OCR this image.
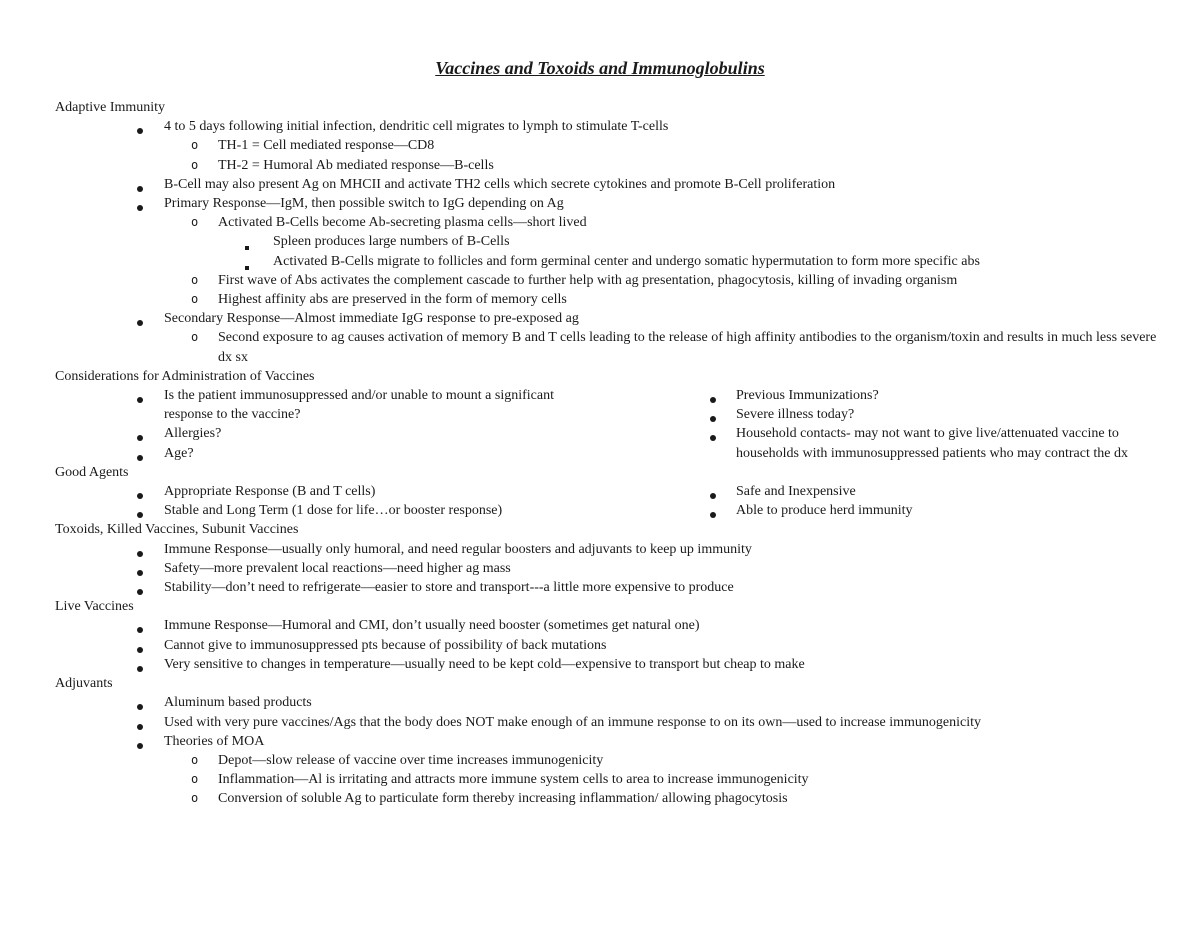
Vaccines and Toxoids and Immunoglobulins
Adaptive Immunity
4 to 5 days following initial infection, dendritic cell migrates to lymph to stimulate T-cells
o TH-1 = Cell mediated response—CD8
o TH-2 = Humoral Ab mediated response—B-cells
B-Cell may also present Ag on MHCII and activate TH2 cells which secrete cytokines and promote B-Cell proliferation
Primary Response—IgM, then possible switch to IgG depending on Ag
o Activated B-Cells become Ab-secreting plasma cells—short lived
Spleen produces large numbers of B-Cells
Activated B-Cells migrate to follicles and form germinal center and undergo somatic hypermutation to form more specific abs
o First wave of Abs activates the complement cascade to further help with ag presentation, phagocytosis, killing of invading organism
o Highest affinity abs are preserved in the form of memory cells
Secondary Response—Almost immediate IgG response to pre-exposed ag
o Second exposure to ag causes activation of memory B and T cells leading to the release of high affinity antibodies to the organism/toxin and results in much less severe dx sx
Considerations for Administration of Vaccines
Is the patient immunosuppressed and/or unable to mount a significant response to the vaccine?
Allergies?
Age?
Previous Immunizations?
Severe illness today?
Household contacts- may not want to give live/attenuated vaccine to households with immunosuppressed patients who may contract the dx
Good Agents
Appropriate Response (B and T cells)
Stable and Long Term (1 dose for life…or booster response)
Safe and Inexpensive
Able to produce herd immunity
Toxoids, Killed Vaccines, Subunit Vaccines
Immune Response—usually only humoral, and need regular boosters and adjuvants to keep up immunity
Safety—more prevalent local reactions—need higher ag mass
Stability—don’t need to refrigerate—easier to store and transport---a little more expensive to produce
Live Vaccines
Immune Response—Humoral and CMI, don’t usually need booster (sometimes get natural one)
Cannot give to immunosuppressed pts because of possibility of back mutations
Very sensitive to changes in temperature—usually need to be kept cold—expensive to transport but cheap to make
Adjuvants
Aluminum based products
Used with very pure vaccines/Ags that the body does NOT make enough of an immune response to on its own—used to increase immunogenicity
Theories of MOA
o Depot—slow release of vaccine over time increases immunogenicity
o Inflammation—Al is irritating and attracts more immune system cells to area to increase immunogenicity
o Conversion of soluble Ag to particulate form thereby increasing inflammation/ allowing phagocytosis
